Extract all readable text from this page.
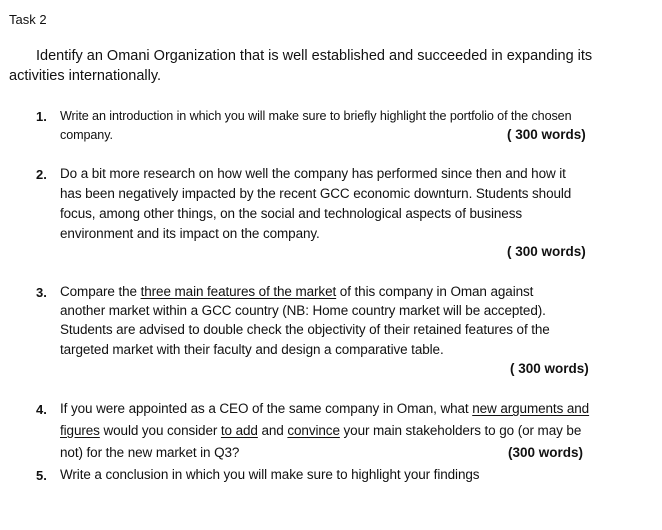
Task 2
Identify an Omani Organization that is well established and succeeded in expanding its
activities internationally.
1. Write an introduction in which you will make sure to briefly highlight the portfolio of the chosen
company.	( 300 words)
2. Do a bit more research on how well the company has performed since then and how it
has been negatively impacted by the recent GCC economic downturn. Students should
focus, among other things, on the social and technological aspects of business
environment and its impact on the company.
( 300 words)
3. Compare the three main features of the market of this company in Oman against
another market within a GCC country (NB: Home country market will be accepted).
Students are advised to double check the objectivity of their retained features of the
targeted market with their faculty and design a comparative table.
( 300 words)
4. If you were appointed as a CEO of the same company in Oman, what new arguments and
figures would you consider to add and convince your main stakeholders to go (or may be
not) for the new market in Q3?	(300 words)
5. Write a conclusion in which you will make sure to highlight your findings
